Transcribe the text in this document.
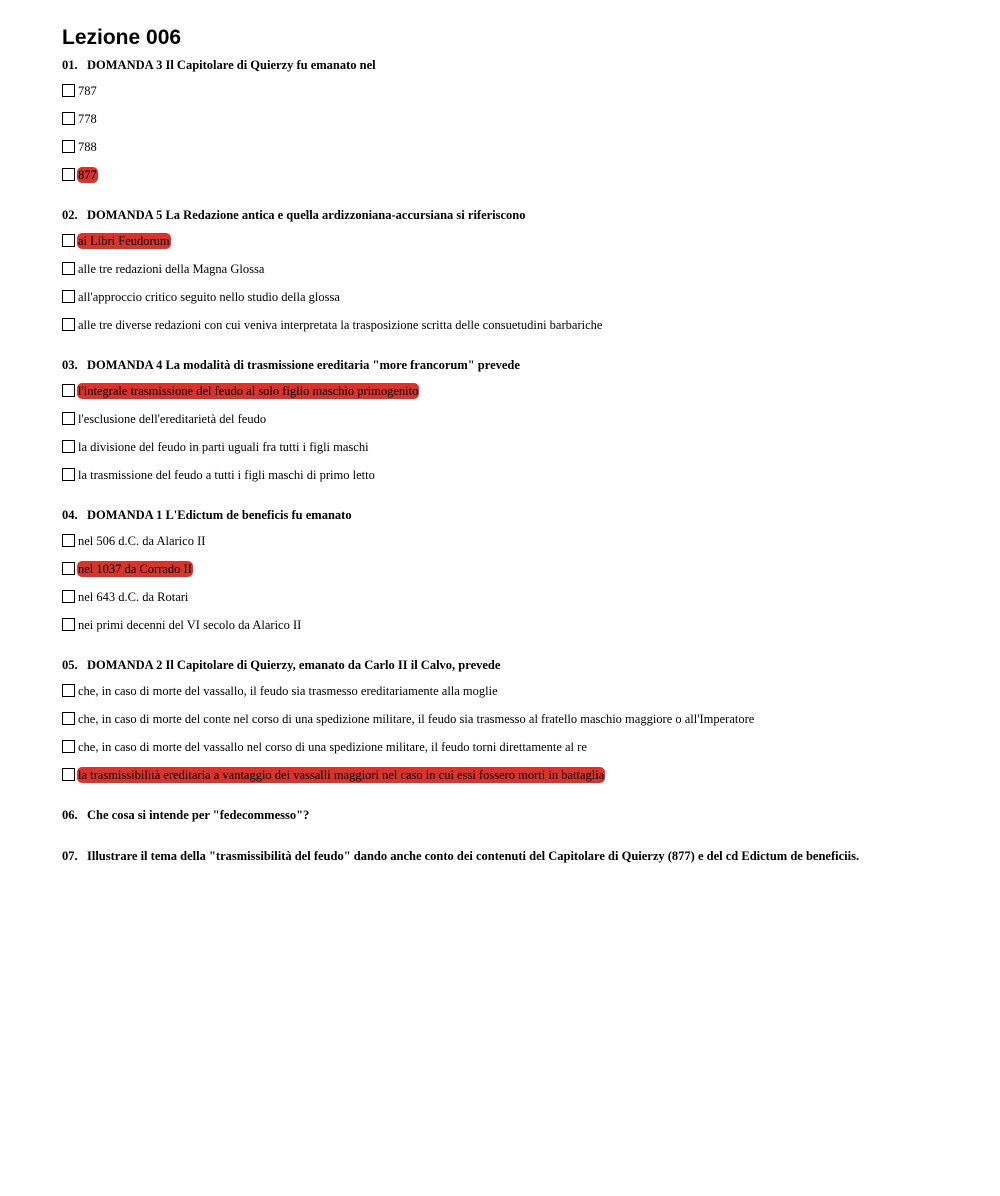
Lezione 006
01. DOMANDA 3 Il Capitolare di Quierzy fu emanato nel
787
778
788
877
02. DOMANDA 5 La Redazione antica e quella ardizzoniana-accursiana si riferiscono
ai Libri Feudorum
alle tre redazioni della Magna Glossa
all'approccio critico seguito nello studio della glossa
alle tre diverse redazioni con cui veniva interpretata la trasposizione scritta delle consuetudini barbariche
03. DOMANDA 4 La modalità di trasmissione ereditaria "more francorum" prevede
l'integrale trasmissione del feudo al solo figlio maschio primogenito
l'esclusione dell'ereditarietà del feudo
la divisione del feudo in parti uguali fra tutti i figli maschi
la trasmissione del feudo a tutti i figli maschi di primo letto
04. DOMANDA 1 L'Edictum de beneficis fu emanato
nel 506 d.C. da Alarico II
nel 1037 da Corrado II
nel 643 d.C. da Rotari
nei primi decenni del VI secolo da Alarico II
05. DOMANDA 2 Il Capitolare di Quierzy, emanato da Carlo II il Calvo, prevede
che, in caso di morte del vassallo, il feudo sia trasmesso ereditariamente alla moglie
che, in caso di morte del conte nel corso di una spedizione militare, il feudo sia trasmesso al fratello maschio maggiore o all'Imperatore
che, in caso di morte del vassallo nel corso di una spedizione militare, il feudo torni direttamente al re
la trasmissibilità ereditaria a vantaggio dei vassalli maggiori nel caso in cui essi fossero morti in battaglia
06. Che cosa si intende per "fedecommesso"?
07. Illustrare il tema della "trasmissibilità del feudo" dando anche conto dei contenuti del Capitolare di Quierzy (877) e del cd Edictum de beneficiis.
